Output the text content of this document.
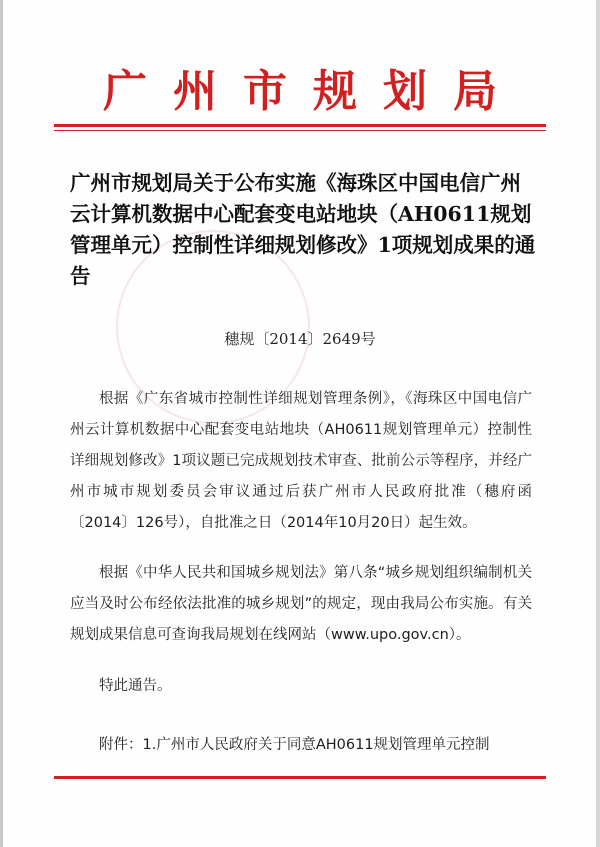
广州市规划局
广州市规划局关于公布实施《海珠区中国电信广州云计算机数据中心配套变电站地块（AH0611规划管理单元）控制性详细规划修改》1项规划成果的通告
穗规〔2014〕2649号

根据《广东省城市控制性详细规划管理条例》，《海珠区中国电信广州云计算机数据中心配套变电站地块（AH0611规划管理单元）控制性详细规划修改》1项议题已完成规划技术审查、批前公示等程序，并经广州市城市规划委员会审议通过后获广州市人民政府批准（穗府函〔2014〕126号），自批准之日（2014年10月20日）起生效。

根据《中华人民共和国城乡规划法》第八条“城乡规划组织编制机关应当及时公布经依法批准的城乡规划”的规定，现由我局公布实施。有关规划成果信息可查询我局规划在线网站（www.upo.gov.cn）。

特此通告。

附件：1.广州市人民政府关于同意AH0611规划管理单元控制
